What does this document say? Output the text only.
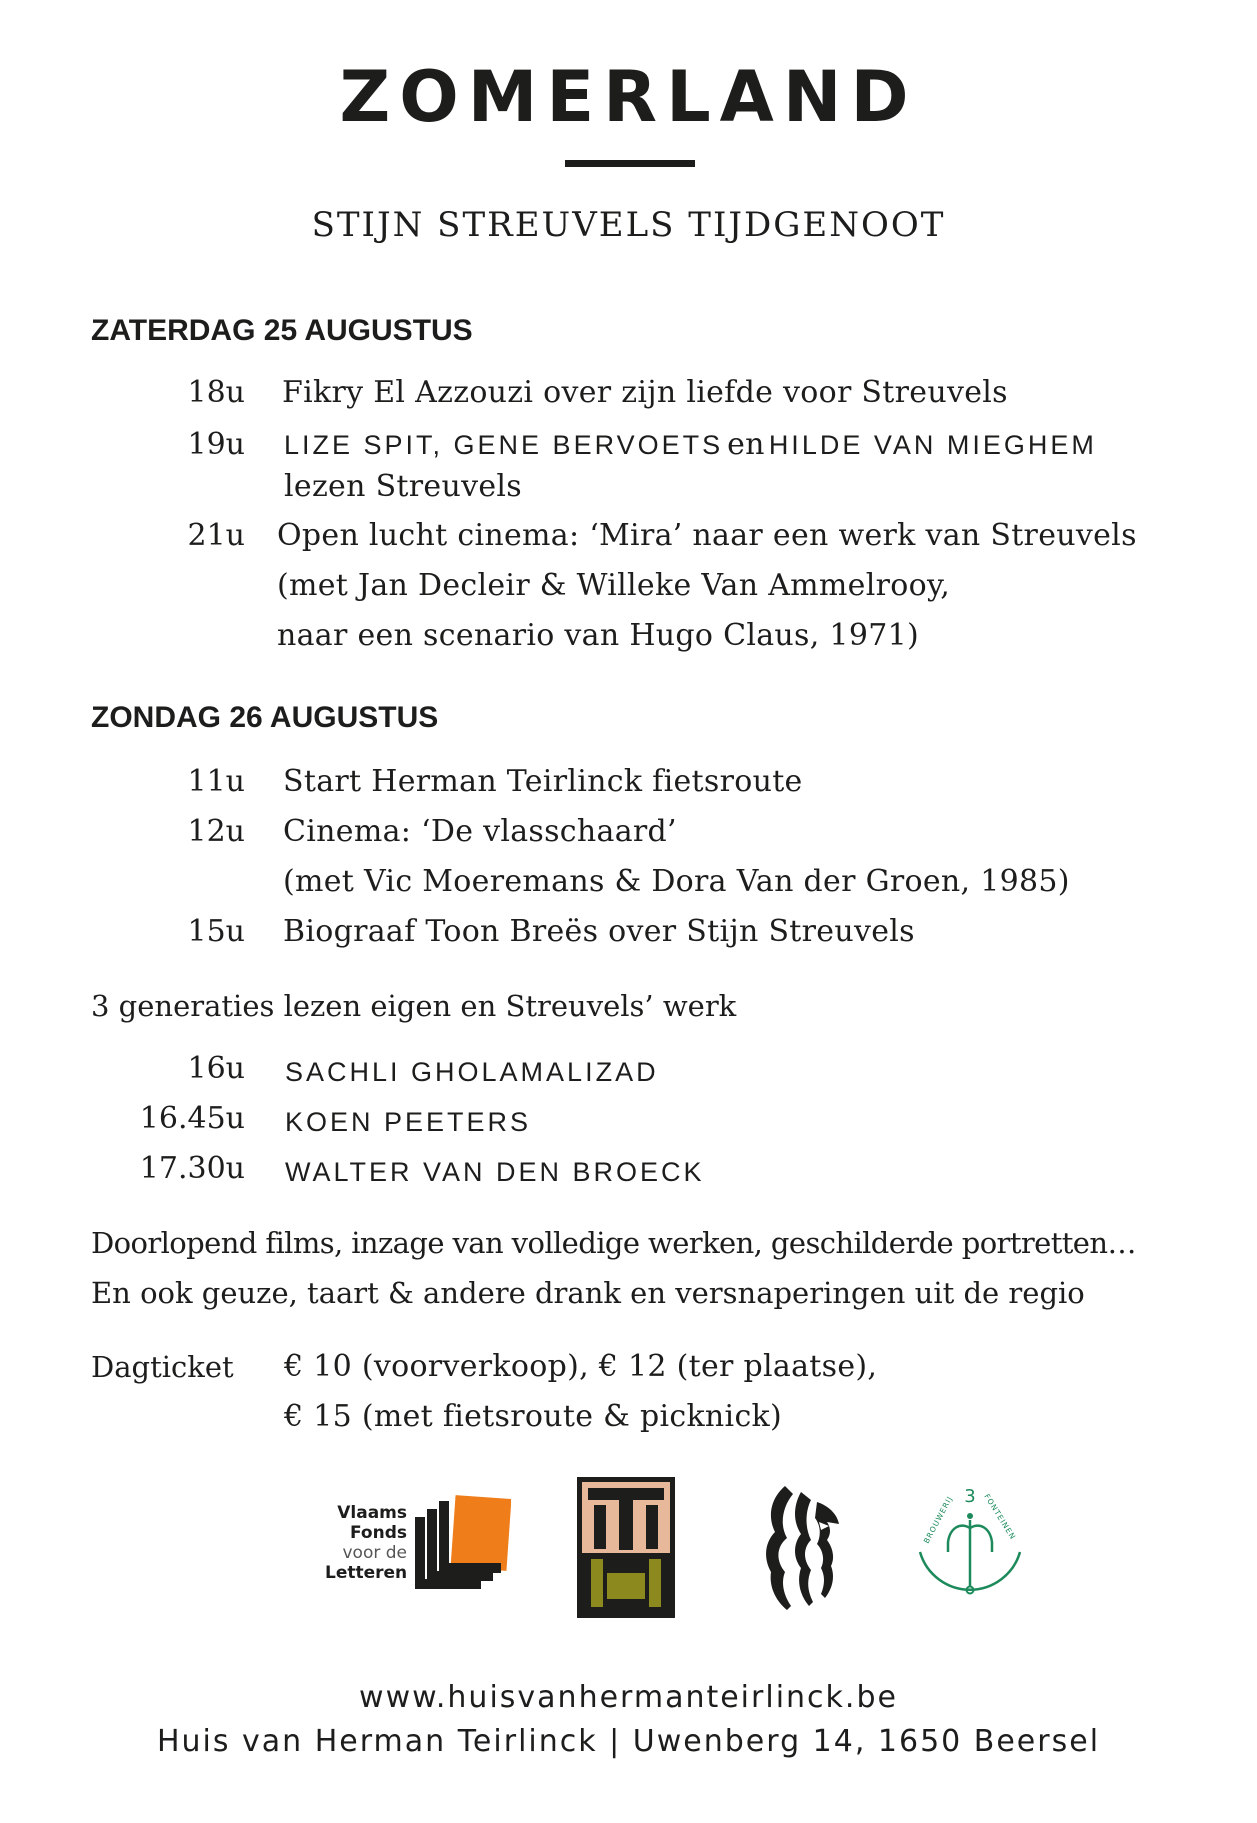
ZOMERLAND
STIJN STREUVELS TIJDGENOOT
ZATERDAG 25 AUGUSTUS
18u Fikry El Azzouzi over zijn liefde voor Streuvels
19u LIZE SPIT, GENE BERVOETS en HILDE VAN MIEGHEM
lezen Streuvels
21u Open lucht cinema: ‘Mira’ naar een werk van Streuvels
(met Jan Decleir & Willeke Van Ammelrooy,
naar een scenario van Hugo Claus, 1971)
ZONDAG 26 AUGUSTUS
11u Start Herman Teirlinck fietsroute
12u Cinema: ‘De vlasschaard’
(met Vic Moeremans & Dora Van der Groen, 1985)
15u Biograaf Toon Breës over Stijn Streuvels
3 generaties lezen eigen en Streuvels’ werk
16u SACHLI GHOLAMALIZAD
16.45u KOEN PEETERS
17.30u WALTER VAN DEN BROECK
Doorlopend films, inzage van volledige werken, geschilderde portretten…
En ook geuze, taart & andere drank en versnaperingen uit de regio
Dagticket € 10 (voorverkoop), € 12 (ter plaatse),
€ 15 (met fietsroute & picknick)
Vlaams
Fonds
voor de
Letteren
3
BROUWERIJ	FONTEINEN
www.huisvanhermanteirlinck.be
Huis van Herman Teirlinck | Uwenberg 14, 1650 Beersel
